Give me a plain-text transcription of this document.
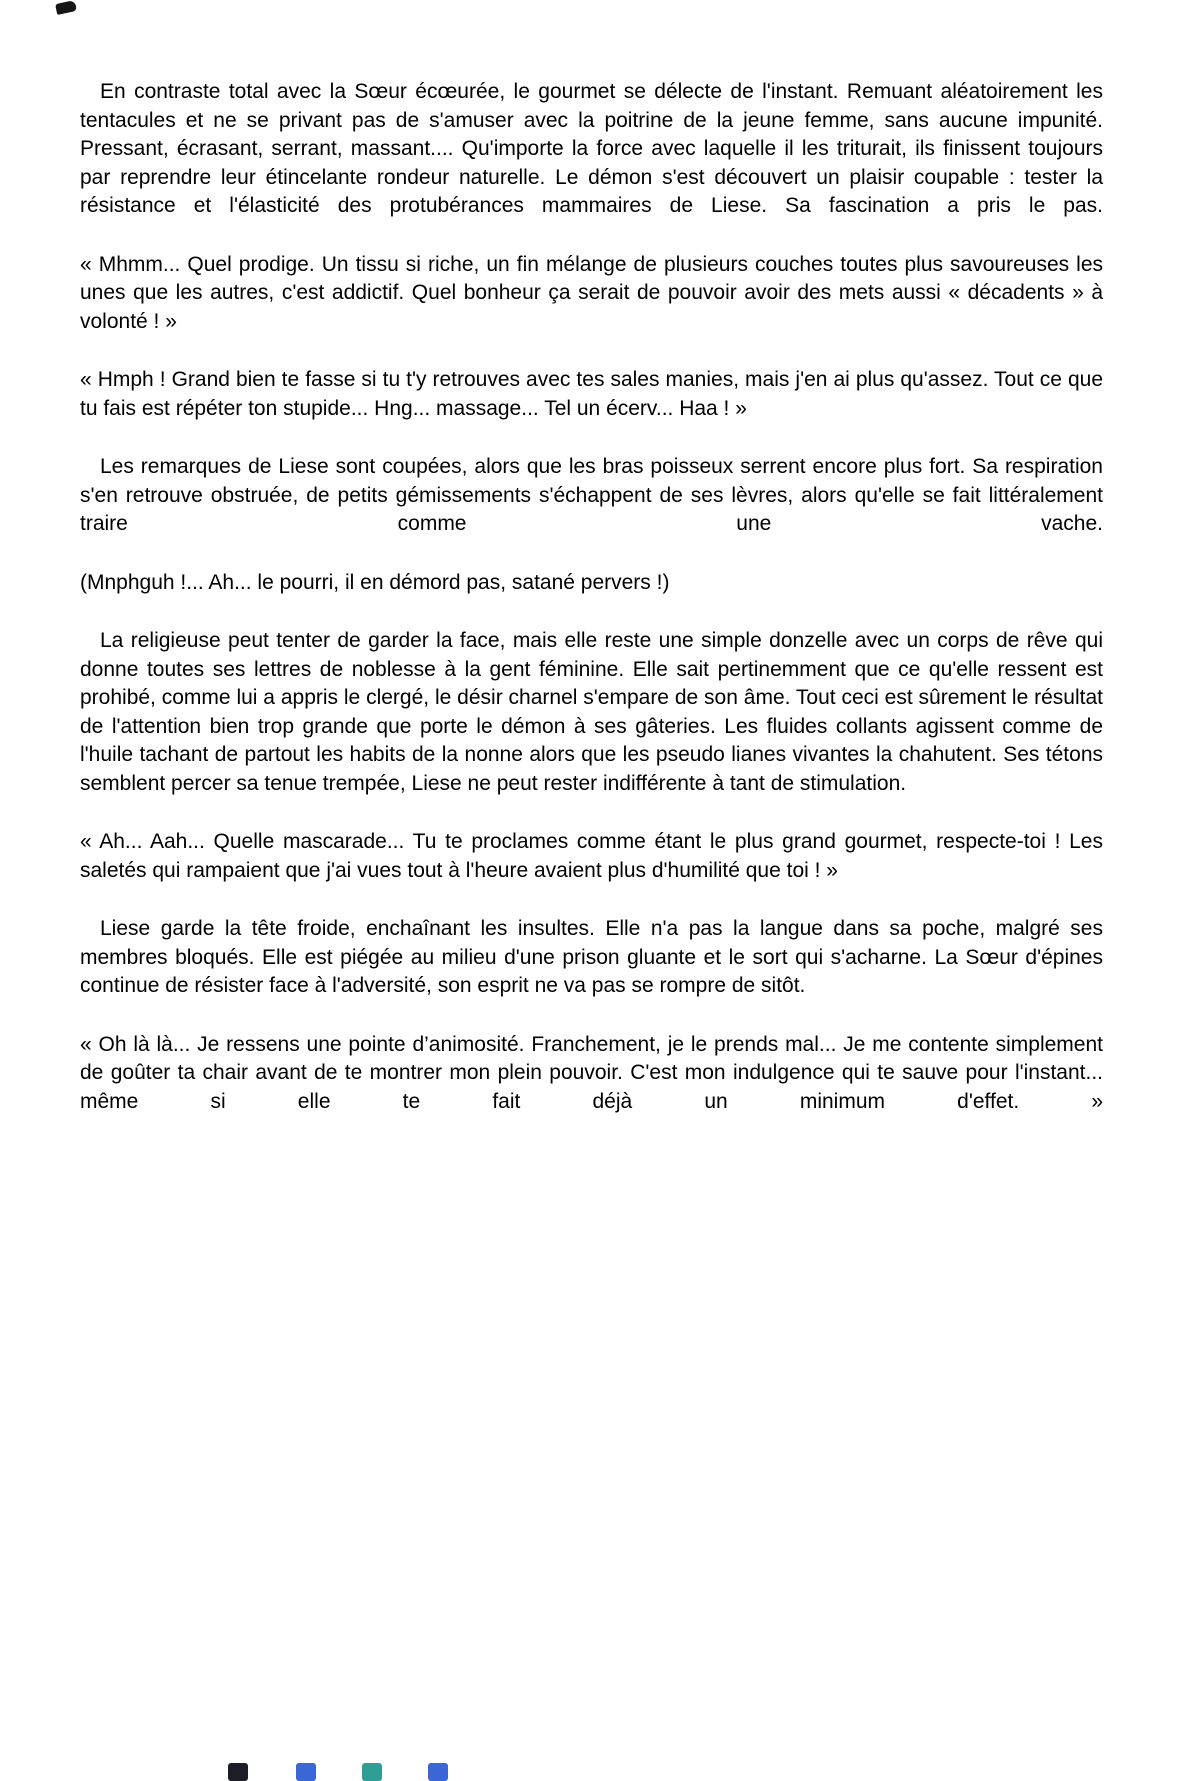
En contraste total avec la Sœur écœurée, le gourmet se délecte de l'instant. Remuant aléatoirement les tentacules et ne se privant pas de s'amuser avec la poitrine de la jeune femme, sans aucune impunité. Pressant, écrasant, serrant, massant.... Qu'importe la force avec laquelle il les triturait, ils finissent toujours par reprendre leur étincelante rondeur naturelle. Le démon s'est découvert un plaisir coupable : tester la résistance et l'élasticité des protubérances mammaires de Liese. Sa fascination a pris le pas.

« Mhmm... Quel prodige. Un tissu si riche, un fin mélange de plusieurs couches toutes plus savoureuses les unes que les autres, c'est addictif. Quel bonheur ça serait de pouvoir avoir des mets aussi « décadents » à volonté ! »

« Hmph ! Grand bien te fasse si tu t'y retrouves avec tes sales manies, mais j'en ai plus qu'assez. Tout ce que tu fais est répéter ton stupide... Hng... massage... Tel un écerv... Haa ! »

Les remarques de Liese sont coupées, alors que les bras poisseux serrent encore plus fort. Sa respiration s'en retrouve obstruée, de petits gémissements s'échappent de ses lèvres, alors qu'elle se fait littéralement traire comme une vache.

(Mnphguh !... Ah... le pourri, il en démord pas, satané pervers !)

La religieuse peut tenter de garder la face, mais elle reste une simple donzelle avec un corps de rêve qui donne toutes ses lettres de noblesse à la gent féminine. Elle sait pertinemment que ce qu'elle ressent est prohibé, comme lui a appris le clergé, le désir charnel s'empare de son âme. Tout ceci est sûrement le résultat de l'attention bien trop grande que porte le démon à ses gâteries. Les fluides collants agissent comme de l'huile tachant de partout les habits de la nonne alors que les pseudo lianes vivantes la chahutent. Ses tétons semblent percer sa tenue trempée, Liese ne peut rester indifférente à tant de stimulation.

« Ah... Aah... Quelle mascarade... Tu te proclames comme étant le plus grand gourmet, respecte-toi ! Les saletés qui rampaient que j'ai vues tout à l'heure avaient plus d'humilité que toi ! »

Liese garde la tête froide, enchaînant les insultes. Elle n'a pas la langue dans sa poche, malgré ses membres bloqués. Elle est piégée au milieu d'une prison gluante et le sort qui s'acharne. La Sœur d'épines continue de résister face à l'adversité, son esprit ne va pas se rompre de sitôt.

« Oh là là... Je ressens une pointe d’animosité. Franchement, je le prends mal... Je me contente simplement de goûter ta chair avant de te montrer mon plein pouvoir. C'est mon indulgence qui te sauve pour l'instant... même si elle te fait déjà un minimum d'effet. »
